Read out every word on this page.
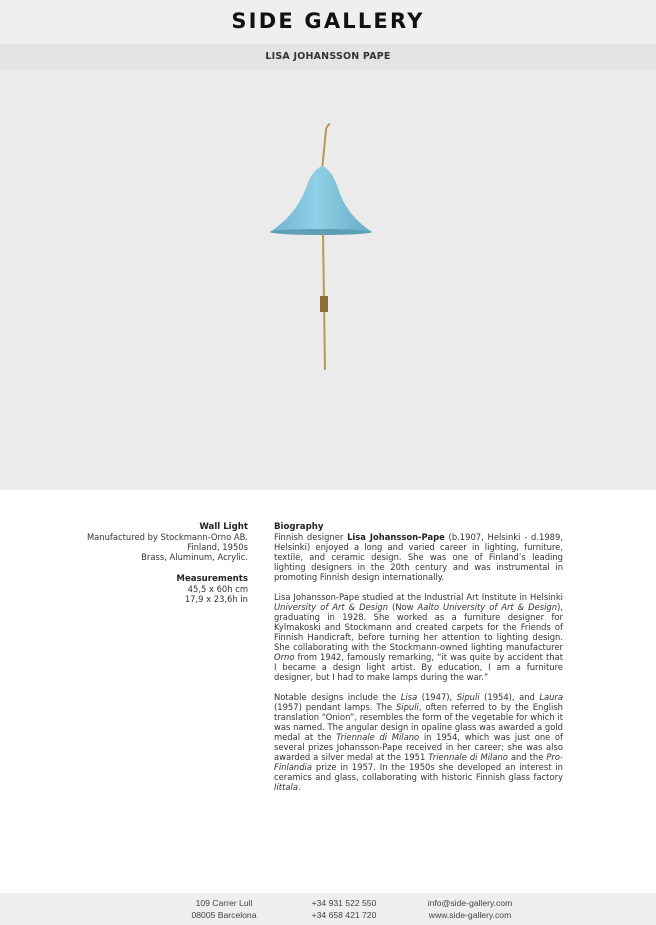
SIDE GALLERY
LISA JOHANSSON PAPE
Wall Light
Manufactured by Stockmann-Orno AB.
Finland, 1950s
Brass, Aluminum, Acrylic.
Measurements
45,5 x 60h cm
17,9 x 23,6h in
Biography

Finnish designer Lisa Johansson-Pape (b.1907, Helsinki - d.1989, Helsinki) enjoyed a long and varied career in lighting, furniture, textile, and ceramic design. She was one of Finland’s leading lighting designers in the 20th century and was instrumental in promoting Finnish design internationally.

Lisa Johansson-Pape studied at the Industrial Art Institute in Helsinki University of Art & Design (Now Aalto University of Art & Design), graduating in 1928. She worked as a furniture designer for Kylmakoski and Stockmann and created carpets for the Friends of Finnish Handicraft, before turning her attention to lighting design. She collaborating with the Stockmann-owned lighting manufacturer Orno from 1942, famously remarking, “it was quite by accident that I became a design light artist. By education, I am a furniture designer, but I had to make lamps during the war.”

Notable designs include the Lisa (1947), Sipuli (1954), and Laura (1957) pendant lamps. The Sipuli, often referred to by the English translation “Onion”, resembles the form of the vegetable for which it was named. The angular design in opaline glass was awarded a gold medal at the Triennale di Milano in 1954, which was just one of several prizes Johansson-Pape received in her career; she was also awarded a silver medal at the 1951 Triennale di Milano and the Pro-Finlandia prize in 1957. In the 1950s she developed an interest in ceramics and glass, collaborating with historic Finnish glass factory Iittala.

109 Carrer Lull
08005 Barcelona
+34 931 522 550
+34 658 421 720
info@side-gallery.com
www.side-gallery.com
